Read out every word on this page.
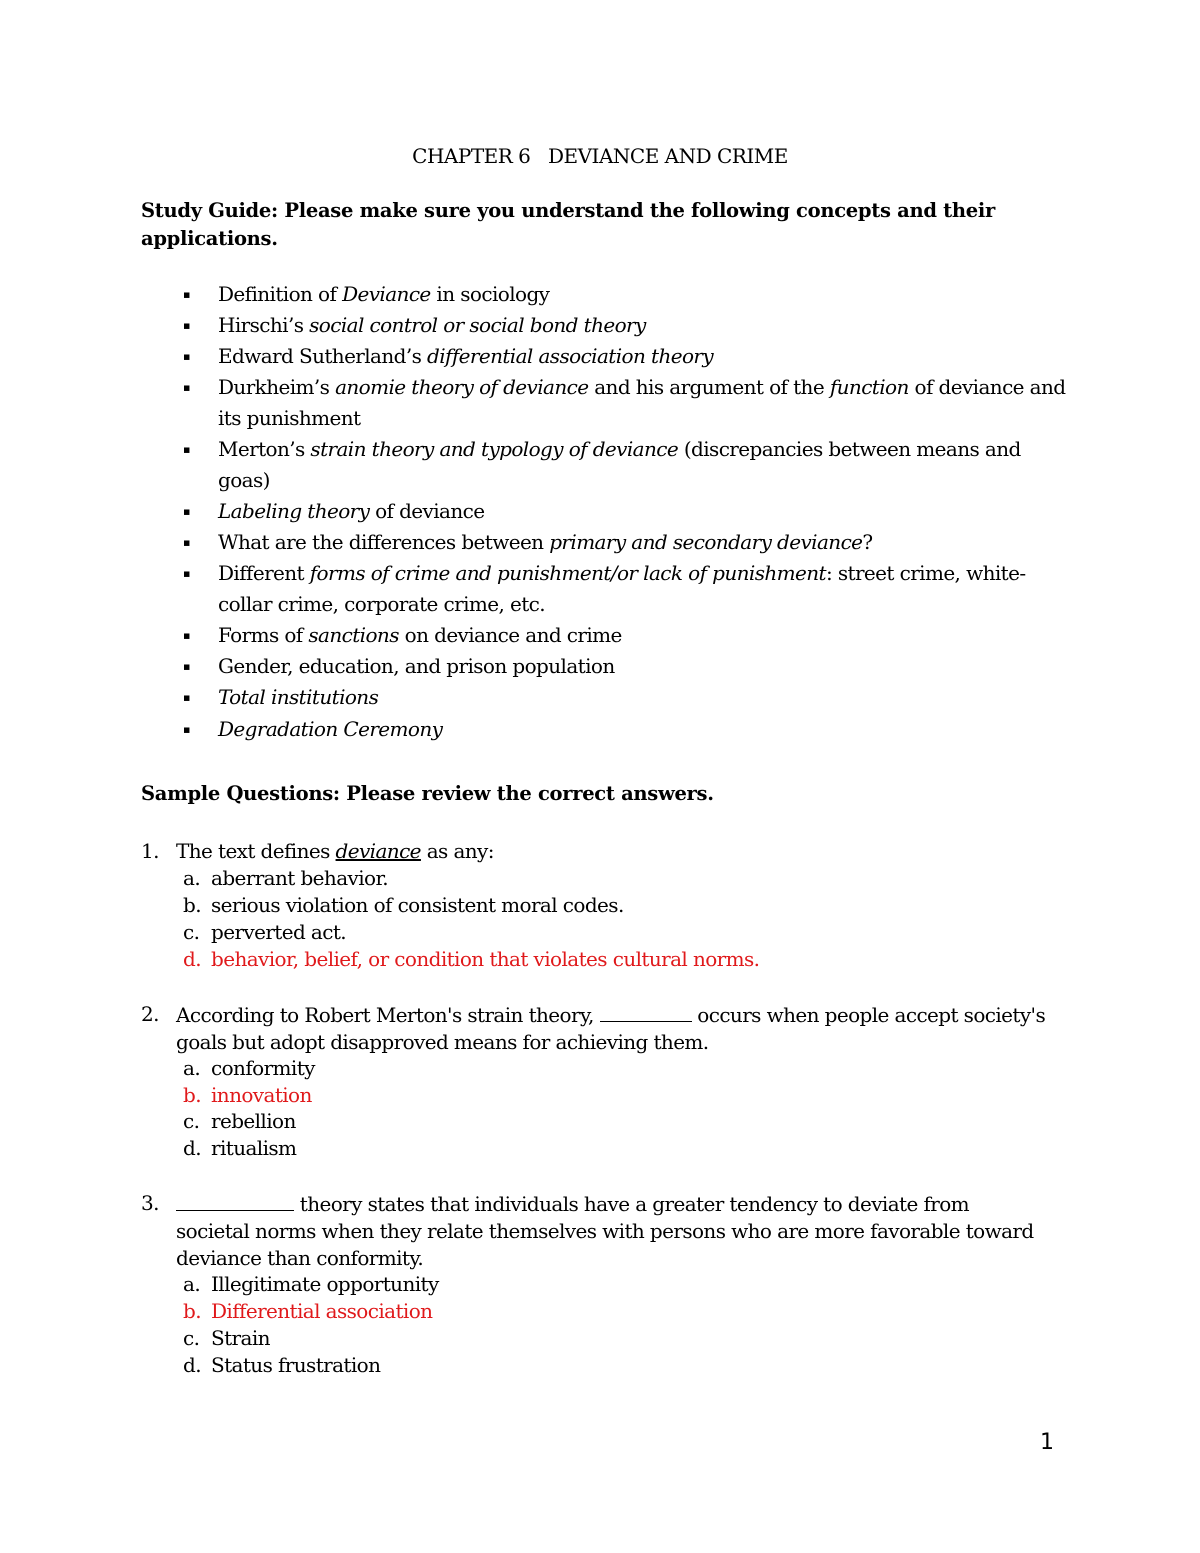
CHAPTER 6   DEVIANCE AND CRIME
Study Guide: Please make sure you understand the following concepts and their applications.
▪ Definition of Deviance in sociology
▪ Hirschi’s social control or social bond theory
▪ Edward Sutherland’s differential association theory
▪ Durkheim’s anomie theory of deviance and his argument of the function of deviance and its punishment
▪ Merton’s strain theory and typology of deviance (discrepancies between means and goas)
▪ Labeling theory of deviance
▪ What are the differences between primary and secondary deviance?
▪ Different forms of crime and punishment/or lack of punishment: street crime, white-collar crime, corporate crime, etc.
▪ Forms of sanctions on deviance and crime
▪ Gender, education, and prison population
▪ Total institutions
▪ Degradation Ceremony
Sample Questions: Please review the correct answers.
1. The text defines deviance as any:
a. aberrant behavior.
b. serious violation of consistent moral codes.
c. perverted act.
d. behavior, belief, or condition that violates cultural norms.
2. According to Robert Merton's strain theory,	occurs when people accept society's goals but adopt disapproved means for achieving them.
a. conformity
b. innovation
c. rebellion
d. ritualism
3.	theory states that individuals have a greater tendency to deviate from societal norms when they relate themselves with persons who are more favorable toward deviance than conformity.
a. Illegitimate opportunity
b. Differential association
c. Strain
d. Status frustration
1
